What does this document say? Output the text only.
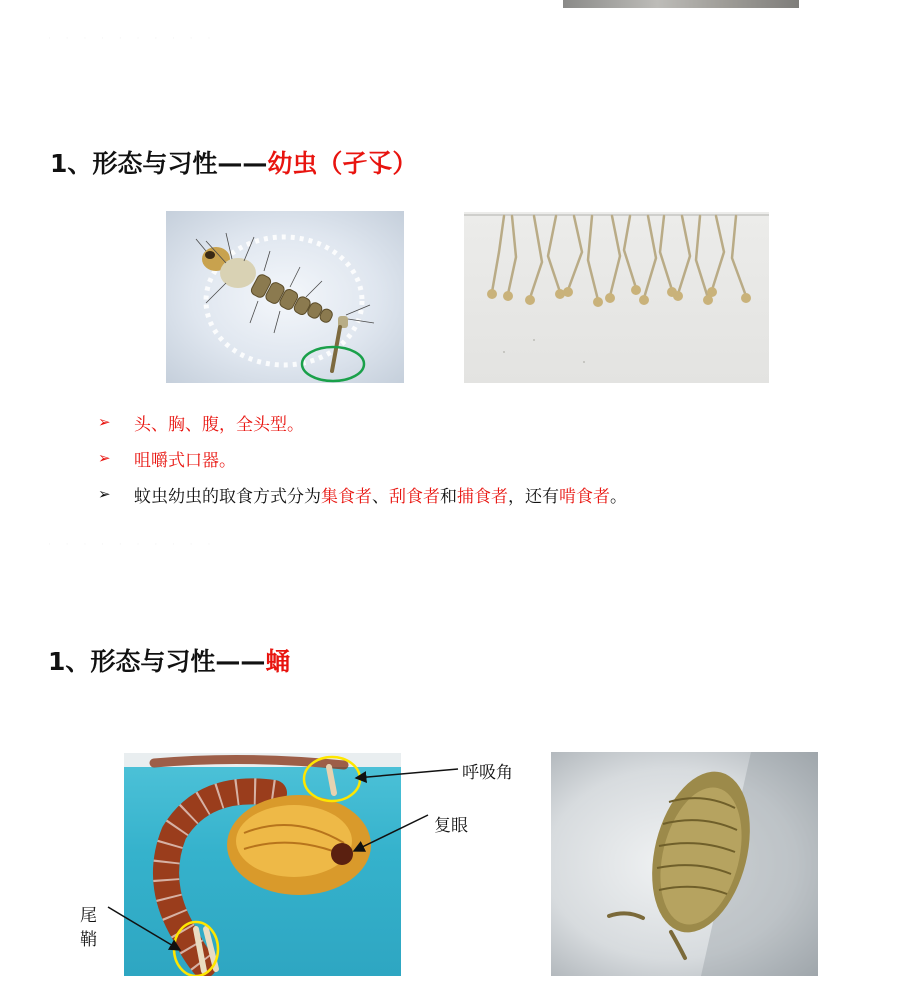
· · · · · · · · · ·
1、形态与习性——幼虫（孑孓）
➢	头、胸、腹，全头型。
➢	咀嚼式口器。
➢	蚊虫幼虫的取食方式分为集食者、刮食者和捕食者，还有啃食者。
· · · · · · · · · ·
1、形态与习性——蛹
呼吸角
复眼
尾
鞘
